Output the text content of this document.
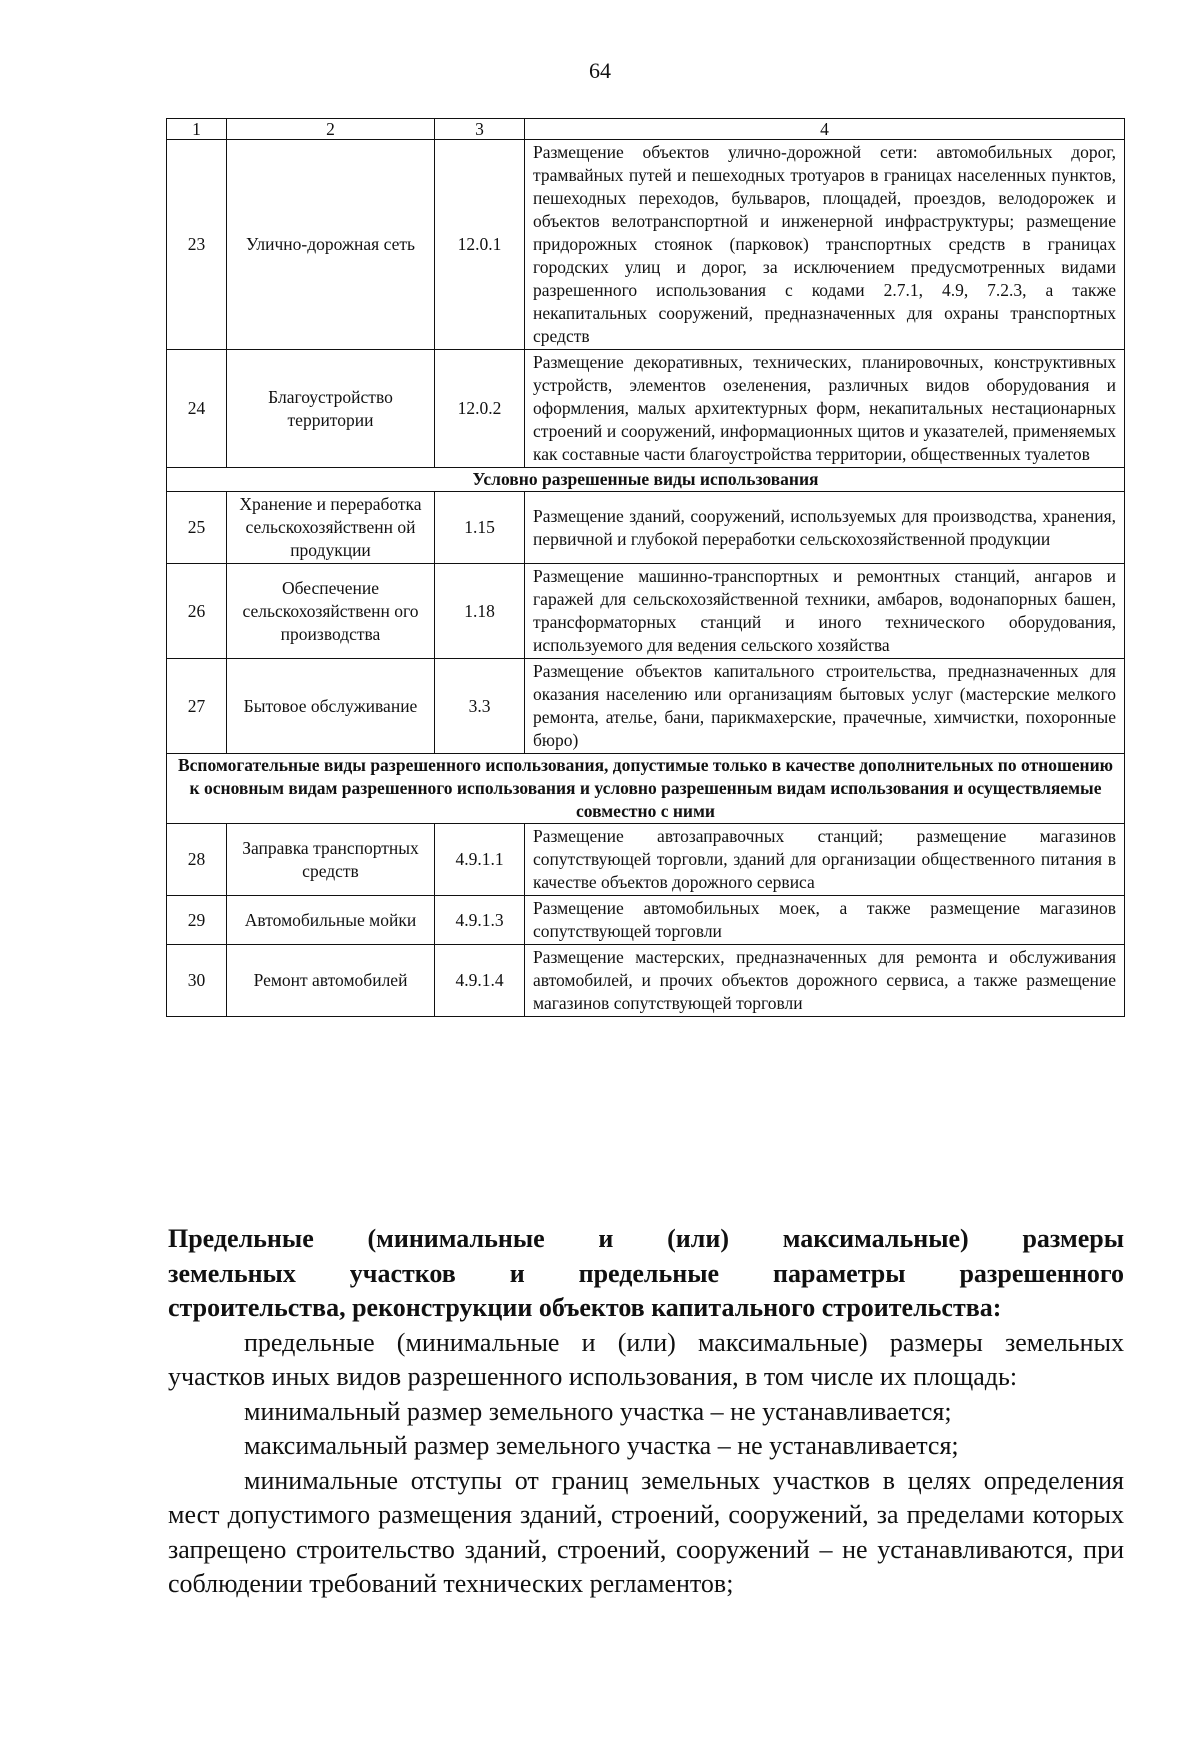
64
1	2	3	4
23	Улично-дорожная сеть	12.0.1	Размещение объектов улично-дорожной сети: автомобильных дорог, трамвайных путей и пешеходных тротуаров в границах населенных пунктов, пешеходных переходов, бульваров, площадей, проездов, велодорожек и объектов велотранспортной и инженерной инфраструктуры; размещение придорожных стоянок (парковок) транспортных средств в границах городских улиц и дорог, за исключением предусмотренных видами разрешенного использования с кодами 2.7.1, 4.9, 7.2.3, а также некапитальных сооружений, предназначенных для охраны транспортных средств
24	Благоустройство территории	12.0.2	Размещение декоративных, технических, планировочных, конструктивных устройств, элементов озеленения, различных видов оборудования и оформления, малых архитектурных форм, некапитальных нестационарных строений и сооружений, информационных щитов и указателей, применяемых как составные части благоустройства территории, общественных туалетов
Условно разрешенные виды использования			
25	Хранение и переработка сельскохозяйственн ой продукции	1.15	Размещение зданий, сооружений, используемых для производства, хранения, первичной и глубокой переработки сельскохозяйственной продукции
26	Обеспечение сельскохозяйственн ого производства	1.18	Размещение машинно-транспортных и ремонтных станций, ангаров и гаражей для сельскохозяйственной техники, амбаров, водонапорных башен, трансформаторных станций и иного технического оборудования, используемого для ведения сельского хозяйства
27	Бытовое обслуживание	3.3	Размещение объектов капитального строительства, предназначенных для оказания населению или организациям бытовых услуг (мастерские мелкого ремонта, ателье, бани, парикмахерские, прачечные, химчистки, похоронные бюро)
Вспомогательные виды разрешенного использования, допустимые только в качестве дополнительных по отношению к основным видам разрешенного использования и условно разрешенным видам использования и осуществляемые совместно с ними			
28	Заправка транспортных средств	4.9.1.1	Размещение автозаправочных станций; размещение магазинов сопутствующей торговли, зданий для организации общественного питания в качестве объектов дорожного сервиса
29	Автомобильные мойки	4.9.1.3	Размещение автомобильных моек, а также размещение магазинов сопутствующей торговли
30	Ремонт автомобилей	4.9.1.4	Размещение мастерских, предназначенных для ремонта и обслуживания автомобилей, и прочих объектов дорожного сервиса, а также размещение магазинов сопутствующей торговли
Предельные (минимальные и (или) максимальные) размеры
земельных участков и предельные параметры разрешенного
строительства, реконструкции объектов капитального строительства:
предельные (минимальные и (или) максимальные) размеры земельных участков иных видов разрешенного использования, в том числе их площадь:
минимальный размер земельного участка – не устанавливается;
максимальный размер земельного участка – не устанавливается;
минимальные отступы от границ земельных участков в целях определения мест допустимого размещения зданий, строений, сооружений, за пределами которых запрещено строительство зданий, строений, сооружений – не устанавливаются, при соблюдении требований технических регламентов;
